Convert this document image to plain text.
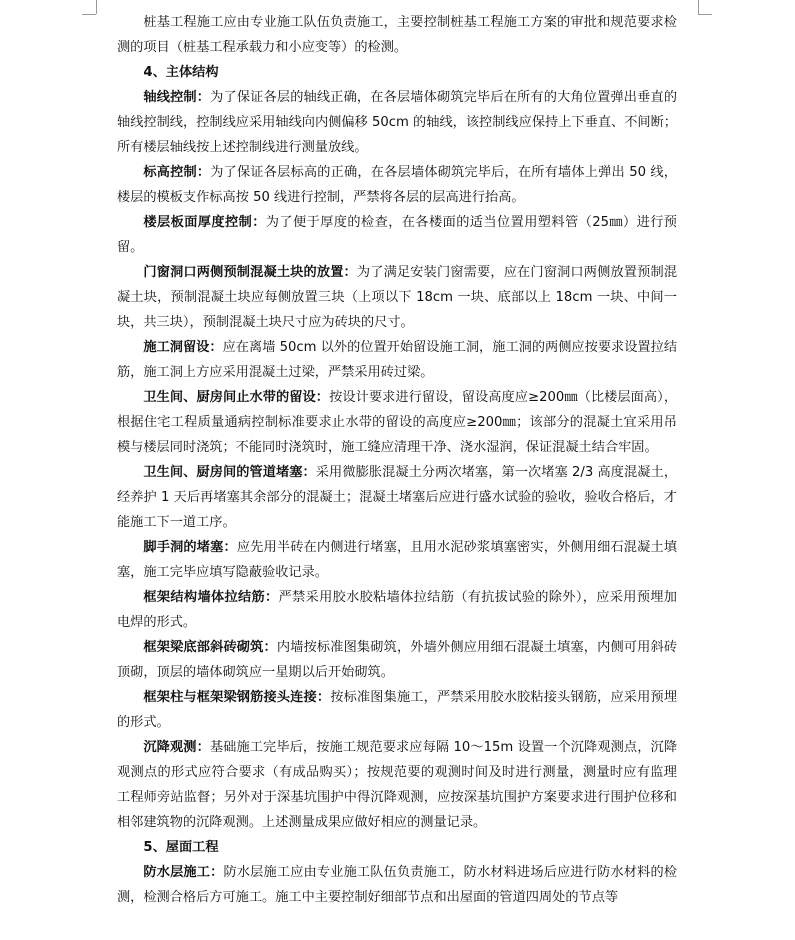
桩基工程施工应由专业施工队伍负责施工，主要控制桩基工程施工方案的审批和规范要求检测的项目（桩基工程承载力和小应变等）的检测。

4、主体结构

轴线控制：为了保证各层的轴线正确，在各层墙体砌筑完毕后在所有的大角位置弹出垂直的轴线控制线，控制线应采用轴线向内侧偏移 50cm 的轴线，该控制线应保持上下垂直、不间断；所有楼层轴线按上述控制线进行测量放线。

标高控制：为了保证各层标高的正确，在各层墙体砌筑完毕后，在所有墙体上弹出 50 线，楼层的模板支作标高按 50 线进行控制，严禁将各层的层高进行抬高。

楼层板面厚度控制：为了便于厚度的检查，在各楼面的适当位置用塑料管（25㎜）进行预留。

门窗洞口两侧预制混凝土块的放置：为了满足安装门窗需要，应在门窗洞口两侧放置预制混凝土块，预制混凝土块应每侧放置三块（上项以下 18cm 一块、底部以上 18cm 一块、中间一块，共三块），预制混凝土块尺寸应为砖块的尺寸。

施工洞留设：应在离墙 50cm 以外的位置开始留设施工洞，施工洞的两侧应按要求设置拉结筋，施工洞上方应采用混凝土过梁，严禁采用砖过梁。

卫生间、厨房间止水带的留设：按设计要求进行留设，留设高度应≥200㎜（比楼层面高），根据住宅工程质量通病控制标准要求止水带的留设的高度应≥200㎜；该部分的混凝土宜采用吊模与楼层同时浇筑；不能同时浇筑时，施工缝应清理干净、浇水湿润，保证混凝土结合牢固。

卫生间、厨房间的管道堵塞：采用微膨胀混凝土分两次堵塞，第一次堵塞 2/3 高度混凝土，经养护 1 天后再堵塞其余部分的混凝土；混凝土堵塞后应进行盛水试验的验收，验收合格后，才能施工下一道工序。

脚手洞的堵塞：应先用半砖在内侧进行堵塞，且用水泥砂浆填塞密实，外侧用细石混凝土填塞，施工完毕应填写隐蔽验收记录。

框架结构墙体拉结筋：严禁采用胶水胶粘墙体拉结筋（有抗拔试验的除外），应采用预埋加电焊的形式。

框架梁底部斜砖砌筑：内墙按标准图集砌筑，外墙外侧应用细石混凝土填塞，内侧可用斜砖顶砌，顶层的墙体砌筑应一星期以后开始砌筑。

框架柱与框架梁钢筋接头连接：按标准图集施工，严禁采用胶水胶粘接头钢筋，应采用预埋的形式。

沉降观测：基础施工完毕后，按施工规范要求应每隔 10～15m 设置一个沉降观测点，沉降观测点的形式应符合要求（有成品购买）；按规范要的观测时间及时进行测量，测量时应有监理工程师旁站监督；另外对于深基坑围护中得沉降观测，应按深基坑围护方案要求进行围护位移和相邻建筑物的沉降观测。上述测量成果应做好相应的测量记录。

5、屋面工程

防水层施工：防水层施工应由专业施工队伍负责施工，防水材料进场后应进行防水材料的检测，检测合格后方可施工。施工中主要控制好细部节点和出屋面的管道四周处的节点等
